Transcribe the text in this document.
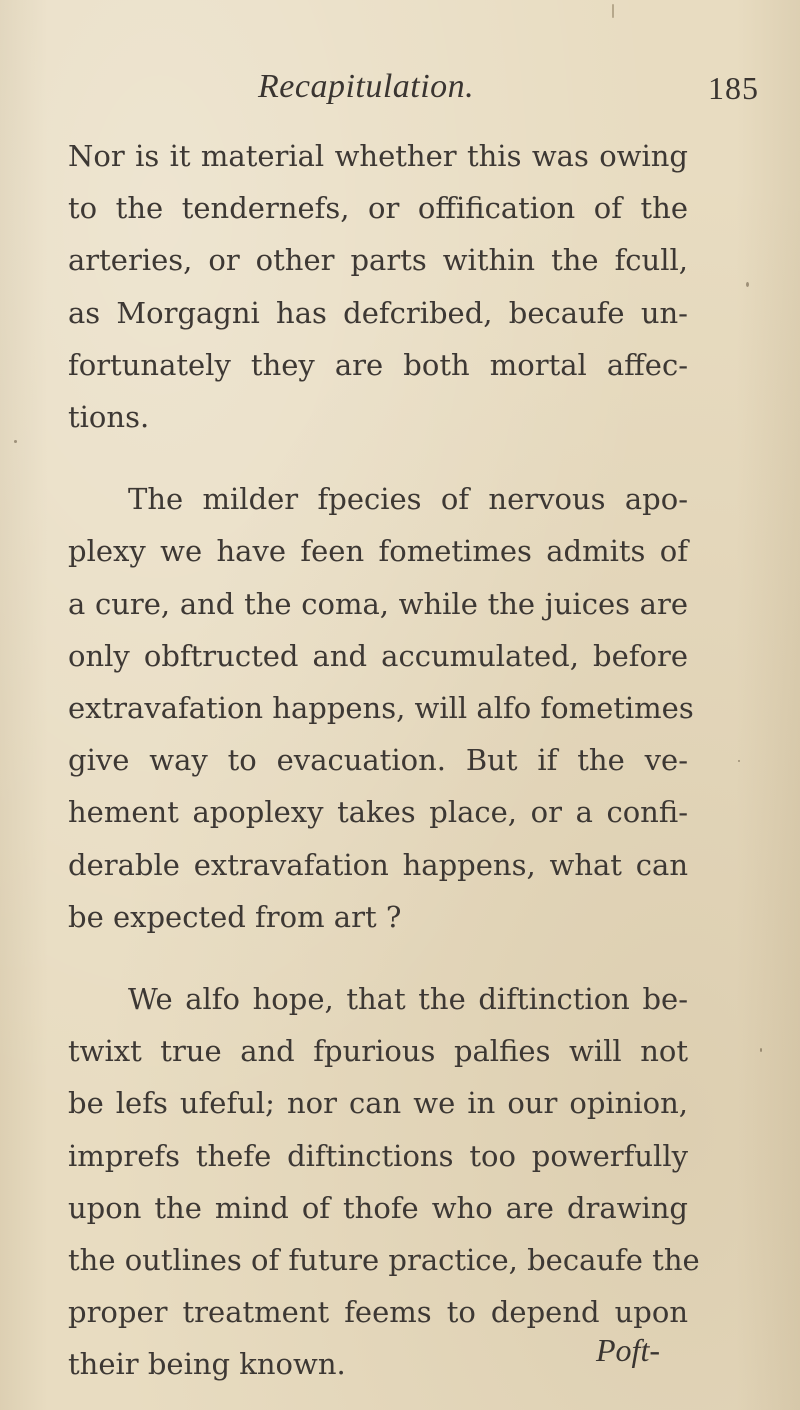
Recapitulation.	185

Nor is it material whether this was owing
to the tendernefs, or offification of the
arteries, or other parts within the fcull,
as Morgagni has defcribed, becaufe un-
fortunately they are both mortal affec-
tions.

The milder fpecies of nervous apo-
plexy we have feen fometimes admits of
a cure, and the coma, while the juices are
only obftructed and accumulated, before
extravafation happens, will alfo fometimes
give way to evacuation. But if the ve-
hement apoplexy takes place, or a confi-
derable extravafation happens, what can
be expected from art ?

We alfo hope, that the diftinction be-
twixt true and fpurious palfies will not
be lefs ufeful; nor can we in our opinion,
imprefs thefe diftinctions too powerfully
upon the mind of thofe who are drawing
the outlines of future practice, becaufe the
proper treatment feems to depend upon
their being known.	Poft-
